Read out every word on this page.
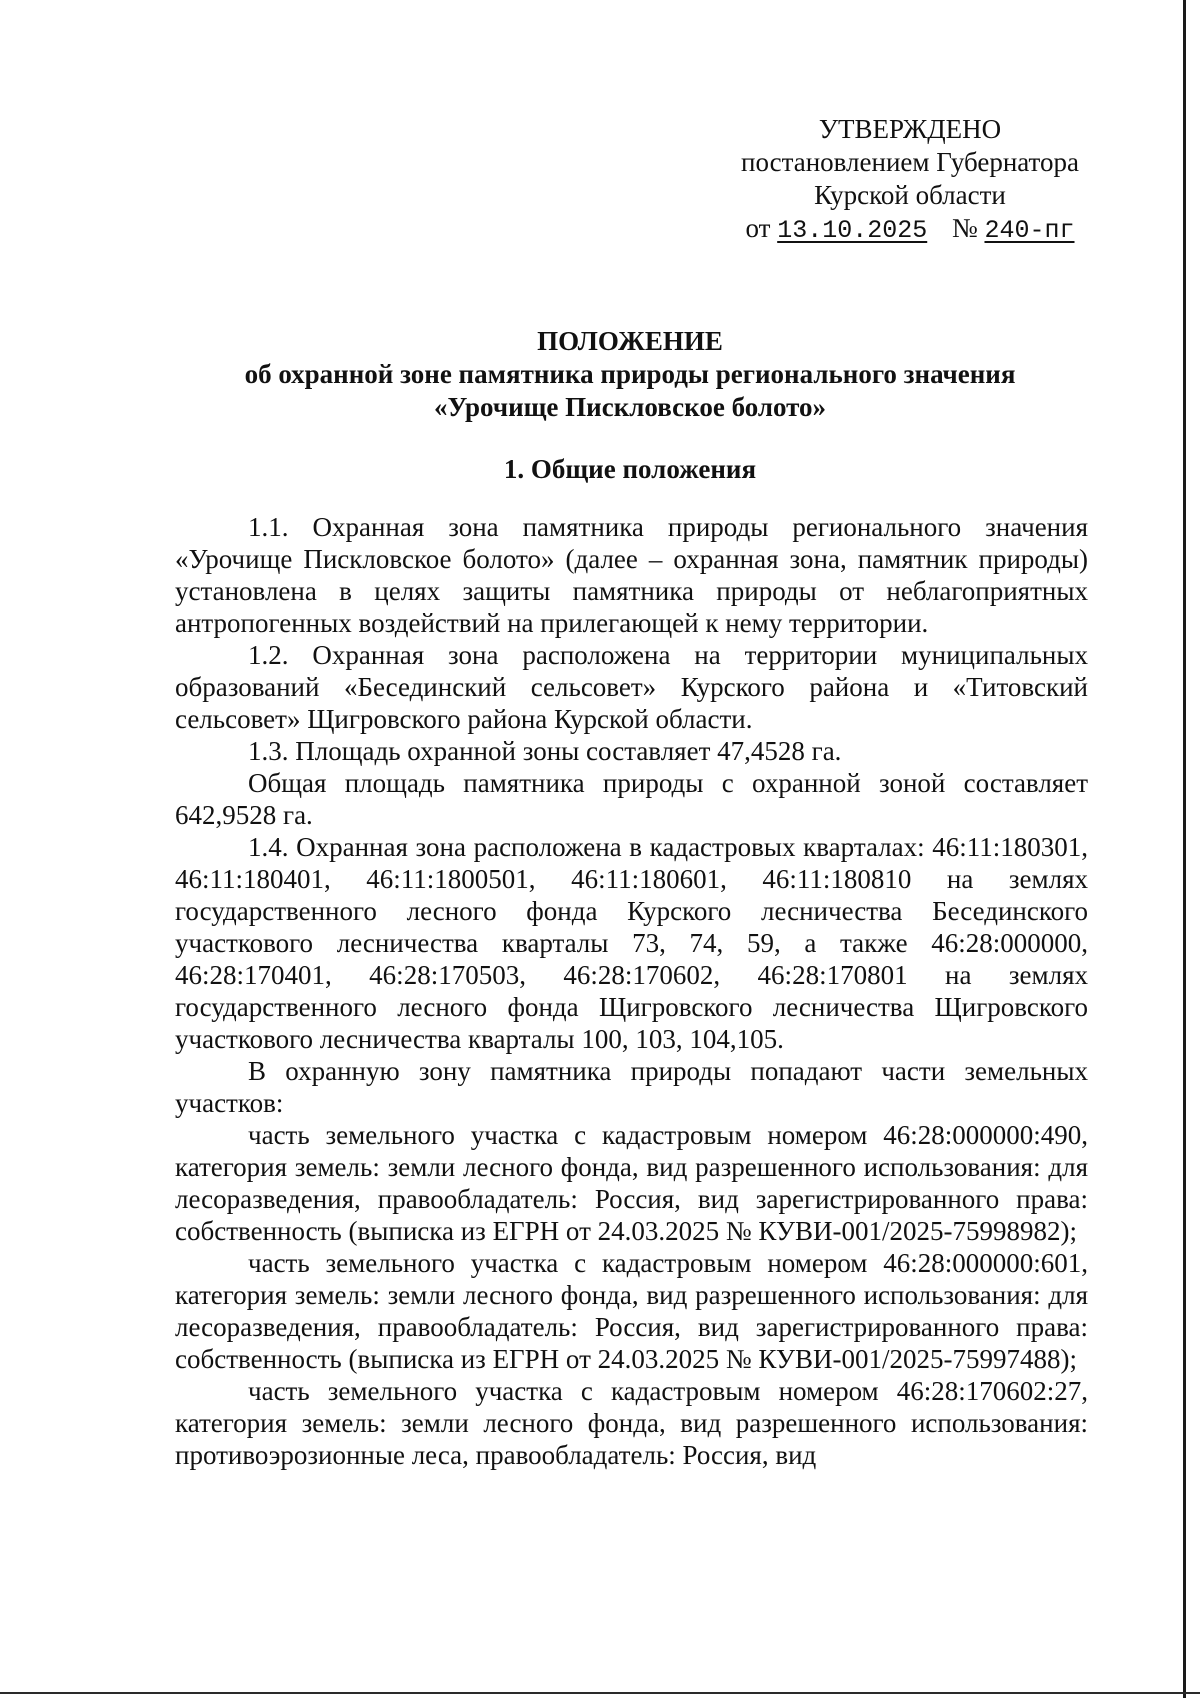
УТВЕРЖДЕНО
постановлением Губернатора
Курской области
от 13.10.2025 № 240-пг
ПОЛОЖЕНИЕ
об охранной зоне памятника природы регионального значения
«Урочище Пискловское болото»
1. Общие положения

1.1. Охранная зона памятника природы регионального значения «Урочище Пискловское болото» (далее – охранная зона, памятник природы) установлена в целях защиты памятника природы от неблагоприятных антропогенных воздействий на прилегающей к нему территории.

1.2. Охранная зона расположена на территории муниципальных образований «Бесединский сельсовет» Курского района и «Титовский сельсовет» Щигровского района Курской области.

1.3. Площадь охранной зоны составляет 47,4528 га.

Общая площадь памятника природы с охранной зоной составляет 642,9528 га.

1.4. Охранная зона расположена в кадастровых кварталах: 46:11:180301, 46:11:180401, 46:11:1800501, 46:11:180601, 46:11:180810 на землях государственного лесного фонда Курского лесничества Бесединского участкового лесничества кварталы 73, 74, 59, а также 46:28:000000, 46:28:170401, 46:28:170503, 46:28:170602, 46:28:170801 на землях государственного лесного фонда Щигровского лесничества Щигровского участкового лесничества кварталы 100, 103, 104,105.

В охранную зону памятника природы попадают части земельных участков:

часть земельного участка с кадастровым номером 46:28:000000:490, категория земель: земли лесного фонда, вид разрешенного использования: для лесоразведения, правообладатель: Россия, вид зарегистрированного права: собственность (выписка из ЕГРН от 24.03.2025 № КУВИ-001/2025-75998982);

часть земельного участка с кадастровым номером 46:28:000000:601, категория земель: земли лесного фонда, вид разрешенного использования: для лесоразведения, правообладатель: Россия, вид зарегистрированного права: собственность (выписка из ЕГРН от 24.03.2025 № КУВИ-001/2025-75997488);

часть земельного участка с кадастровым номером 46:28:170602:27, категория земель: земли лесного фонда, вид разрешенного использования: противоэрозионные леса, правообладатель: Россия, вид
